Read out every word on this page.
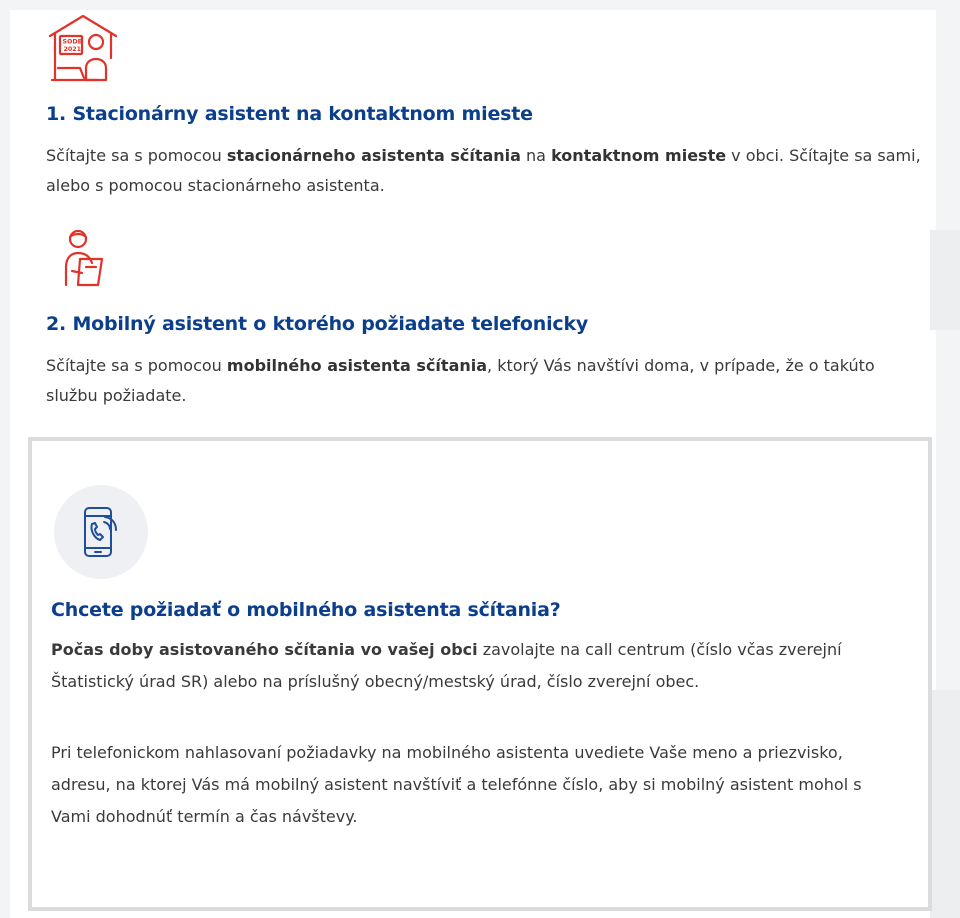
SODB
2021
1. Stacionárny asistent na kontaktnom mieste

Sčítajte sa s pomocou stacionárneho asistenta sčítania na kontaktnom mieste v obci. Sčítajte sa sami, alebo s pomocou stacionárneho asistenta.

2. Mobilný asistent o ktorého požiadate telefonicky

Sčítajte sa s pomocou mobilného asistenta sčítania, ktorý Vás navštívi doma, v prípade, že o takúto službu požiadate.

Chcete požiadať o mobilného asistenta sčítania?

Počas doby asistovaného sčítania vo vašej obci zavolajte na call centrum (číslo včas zverejní Štatistický úrad SR) alebo na príslušný obecný/mestský úrad, číslo zverejní obec.

Pri telefonickom nahlasovaní požiadavky na mobilného asistenta uvediete Vaše meno a priezvisko, adresu, na ktorej Vás má mobilný asistent navštíviť a telefónne číslo, aby si mobilný asistent mohol s Vami dohodnúť termín a čas návštevy.
